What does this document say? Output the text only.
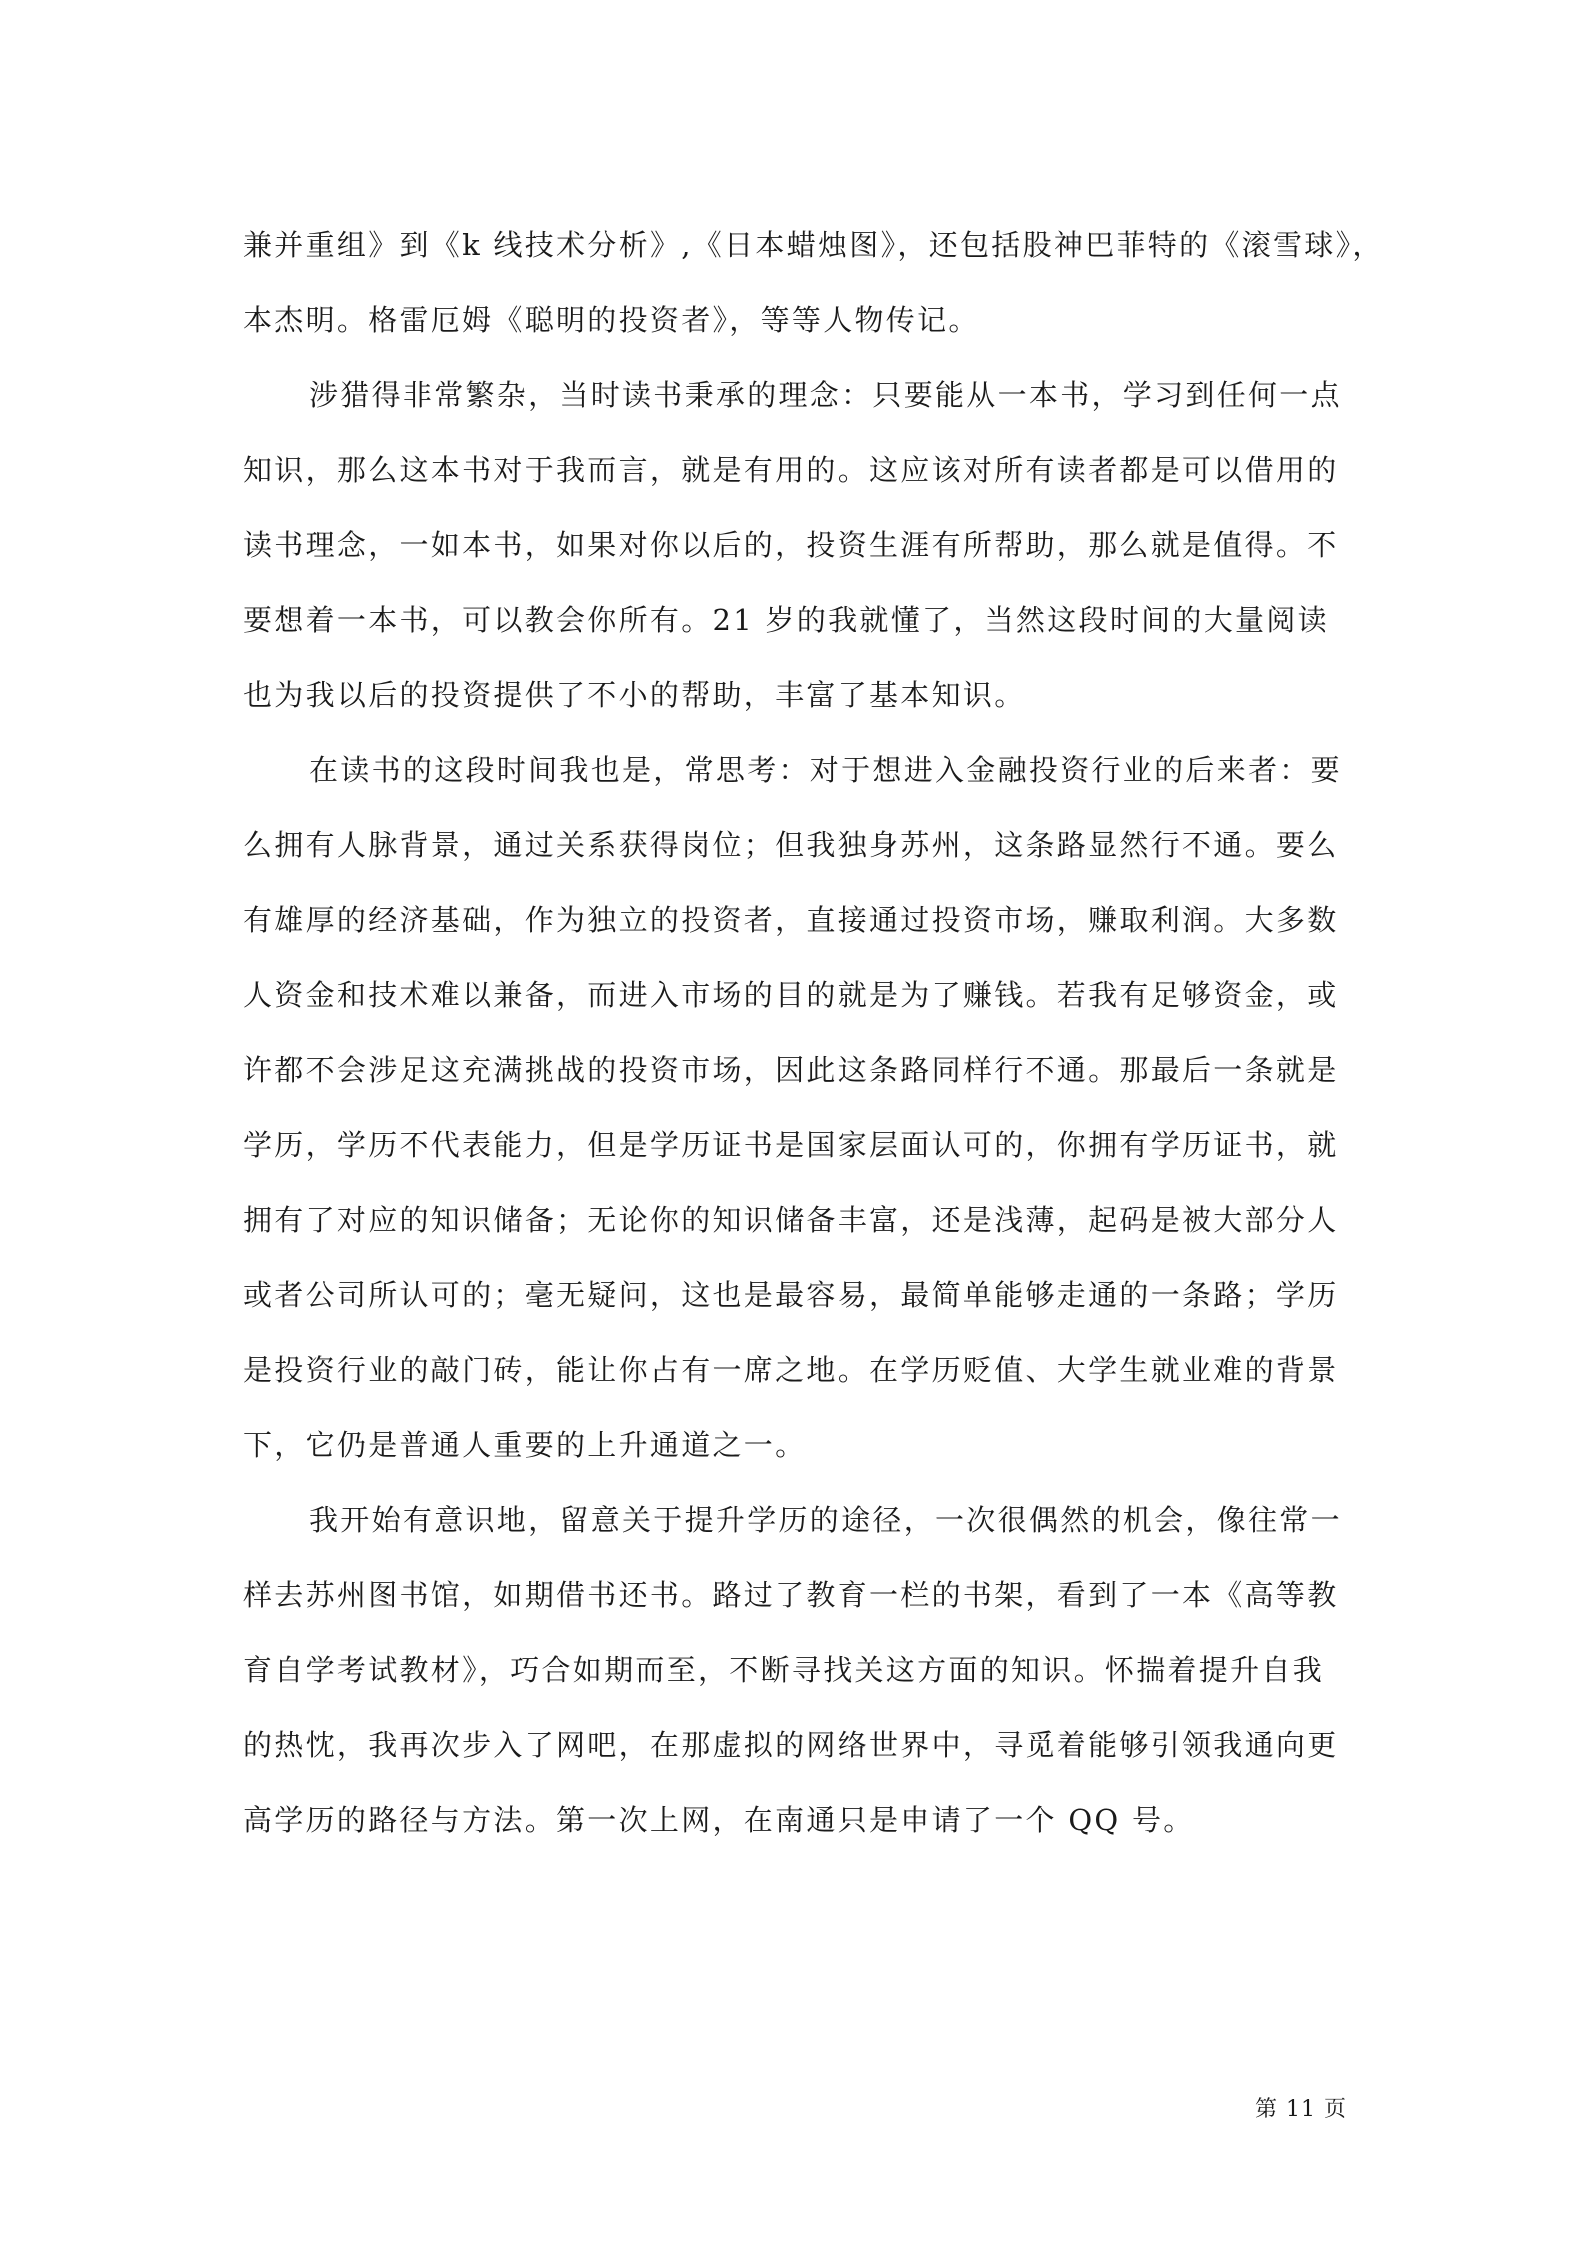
兼并重组》到《k 线技术分析》,《日本蜡烛图》，还包括股神巴菲特的《滚雪球》，
本杰明。格雷厄姆《聪明的投资者》，等等人物传记。
涉猎得非常繁杂，当时读书秉承的理念：只要能从一本书，学习到任何一点
知识，那么这本书对于我而言，就是有用的。这应该对所有读者都是可以借用的
读书理念，一如本书，如果对你以后的，投资生涯有所帮助，那么就是值得。不
要想着一本书，可以教会你所有。21 岁的我就懂了，当然这段时间的大量阅读
也为我以后的投资提供了不小的帮助，丰富了基本知识。
在读书的这段时间我也是，常思考：对于想进入金融投资行业的后来者：要
么拥有人脉背景，通过关系获得岗位；但我独身苏州，这条路显然行不通。要么
有雄厚的经济基础，作为独立的投资者，直接通过投资市场，赚取利润。大多数
人资金和技术难以兼备，而进入市场的目的就是为了赚钱。若我有足够资金，或
许都不会涉足这充满挑战的投资市场，因此这条路同样行不通。那最后一条就是
学历，学历不代表能力，但是学历证书是国家层面认可的，你拥有学历证书，就
拥有了对应的知识储备；无论你的知识储备丰富，还是浅薄，起码是被大部分人
或者公司所认可的；毫无疑问，这也是最容易，最简单能够走通的一条路；学历
是投资行业的敲门砖，能让你占有一席之地。在学历贬值、大学生就业难的背景
下，它仍是普通人重要的上升通道之一。
我开始有意识地，留意关于提升学历的途径，一次很偶然的机会，像往常一
样去苏州图书馆，如期借书还书。路过了教育一栏的书架，看到了一本《高等教
育自学考试教材》，巧合如期而至，不断寻找关这方面的知识。怀揣着提升自我
的热忱，我再次步入了网吧，在那虚拟的网络世界中，寻觅着能够引领我通向更
高学历的路径与方法。第一次上网，在南通只是申请了一个 QQ 号。
第 11 页
